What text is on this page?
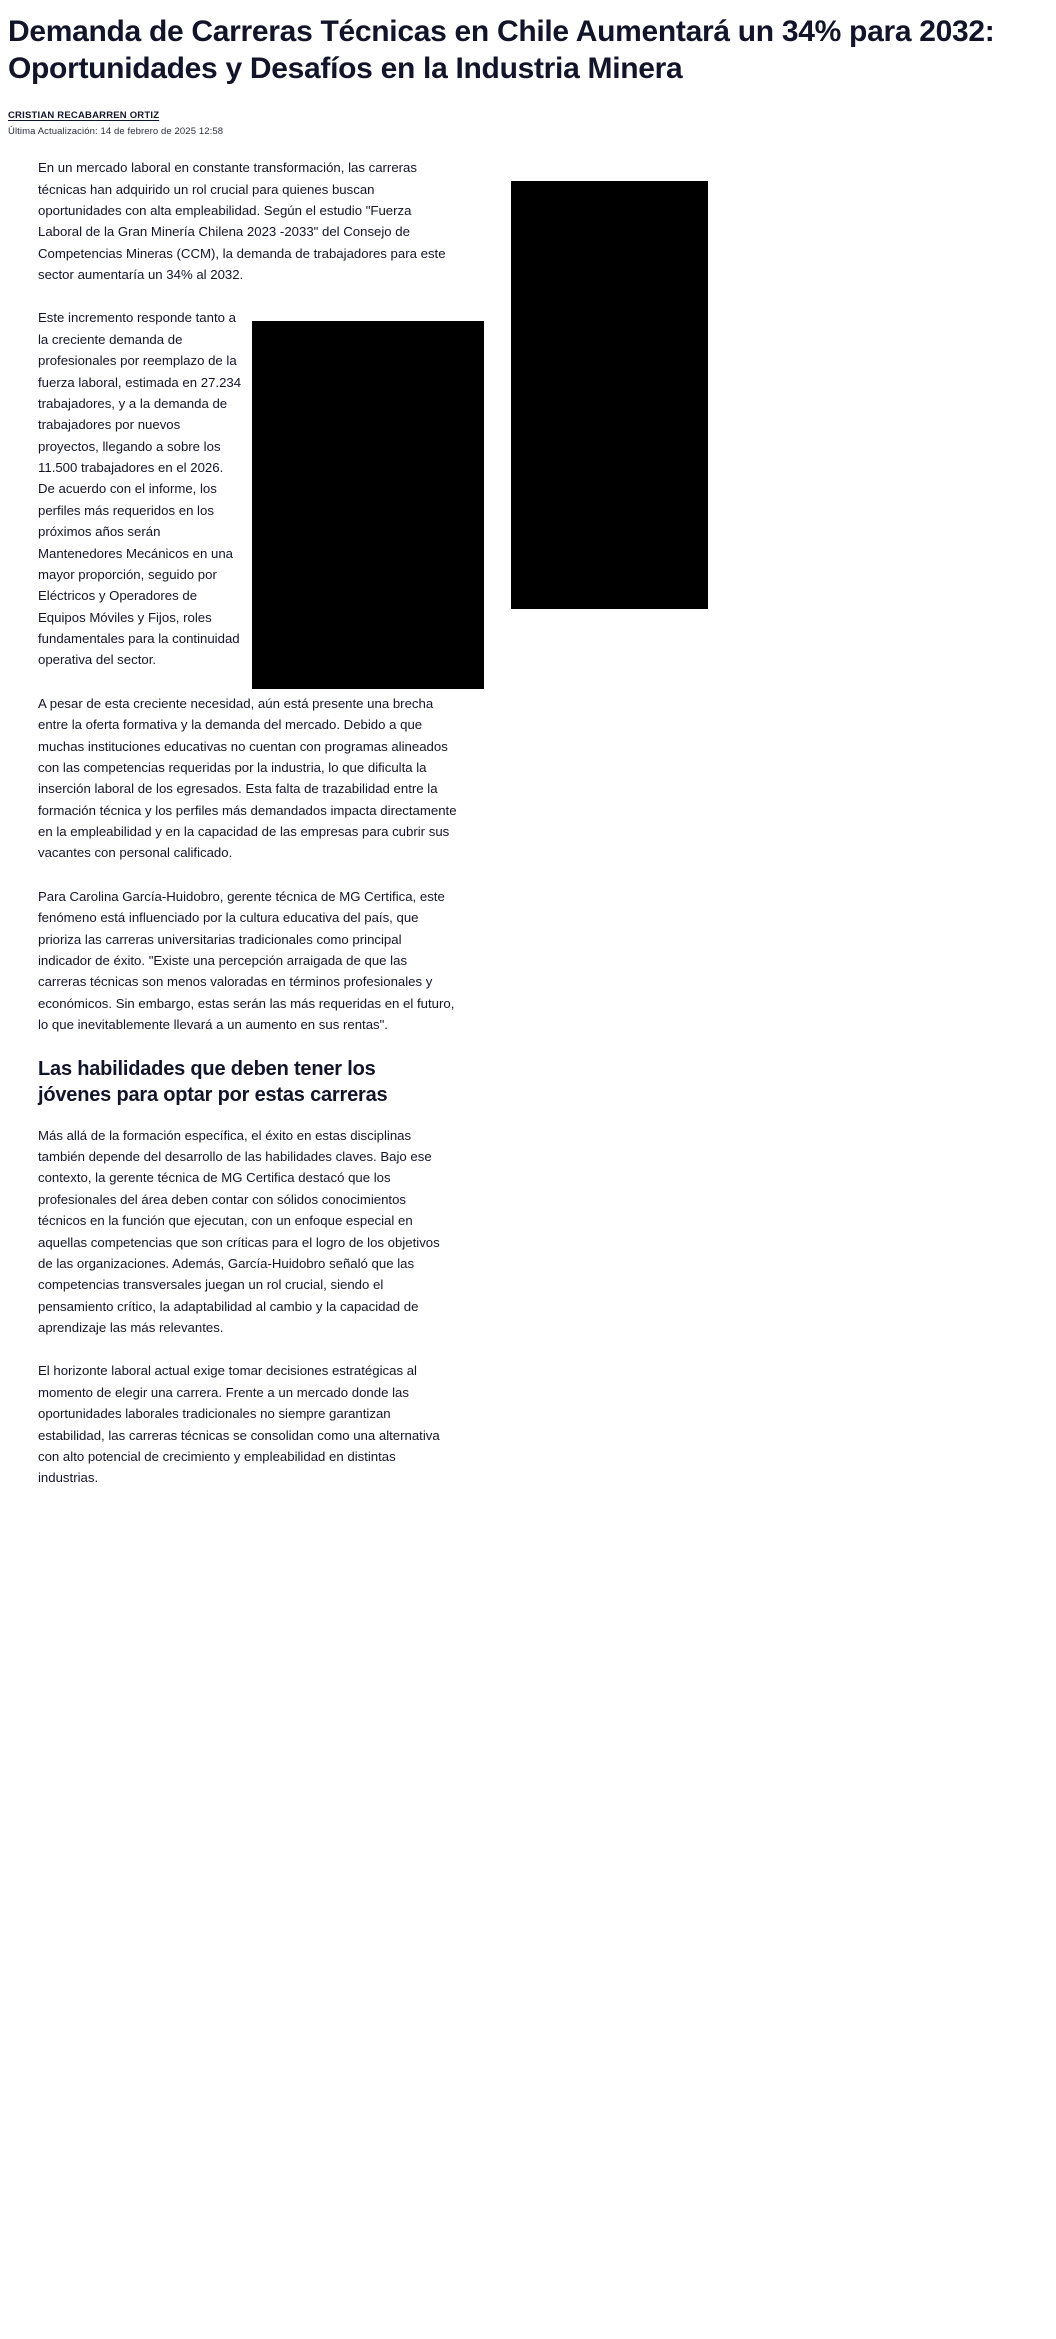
Demanda de Carreras Técnicas en Chile Aumentará un 34% para 2032: Oportunidades y Desafíos en la Industria Minera
CRISTIAN RECABARREN ORTIZ

Última Actualización: 14 de febrero de 2025 12:58

En un mercado laboral en constante transformación, las carreras técnicas han adquirido un rol crucial para quienes buscan oportunidades con alta empleabilidad. Según el estudio "Fuerza Laboral de la Gran Minería Chilena 2023 -2033" del Consejo de Competencias Mineras (CCM), la demanda de trabajadores para este sector aumentaría un 34% al 2032.

Este incremento responde tanto a la creciente demanda de profesionales por reemplazo de la fuerza laboral, estimada en 27.234 trabajadores, y a la demanda de trabajadores por nuevos proyectos, llegando a sobre los 11.500 trabajadores en el 2026. De acuerdo con el informe, los perfiles más requeridos en los próximos años serán Mantenedores Mecánicos en una mayor proporción, seguido por Eléctricos y Operadores de Equipos Móviles y Fijos, roles fundamentales para la continuidad operativa del sector.

A pesar de esta creciente necesidad, aún está presente una brecha entre la oferta formativa y la demanda del mercado. Debido a que muchas instituciones educativas no cuentan con programas alineados con las competencias requeridas por la industria, lo que dificulta la inserción laboral de los egresados. Esta falta de trazabilidad entre la formación técnica y los perfiles más demandados impacta directamente en la empleabilidad y en la capacidad de las empresas para cubrir sus vacantes con personal calificado.

Para Carolina García-Huidobro, gerente técnica de MG Certifica, este fenómeno está influenciado por la cultura educativa del país, que prioriza las carreras universitarias tradicionales como principal indicador de éxito. "Existe una percepción arraigada de que las carreras técnicas son menos valoradas en términos profesionales y económicos. Sin embargo, estas serán las más requeridas en el futuro, lo que inevitablemente llevará a un aumento en sus rentas".

Las habilidades que deben tener los jóvenes para optar por estas carreras

Más allá de la formación específica, el éxito en estas disciplinas también depende del desarrollo de las habilidades claves. Bajo ese contexto, la gerente técnica de MG Certifica destacó que los profesionales del área deben contar con sólidos conocimientos técnicos en la función que ejecutan, con un enfoque especial en aquellas competencias que son críticas para el logro de los objetivos de las organizaciones. Además, García-Huidobro señaló que las competencias transversales juegan un rol crucial, siendo el pensamiento crítico, la adaptabilidad al cambio y la capacidad de aprendizaje las más relevantes.

El horizonte laboral actual exige tomar decisiones estratégicas al momento de elegir una carrera. Frente a un mercado donde las oportunidades laborales tradicionales no siempre garantizan estabilidad, las carreras técnicas se consolidan como una alternativa con alto potencial de crecimiento y empleabilidad en distintas industrias.
